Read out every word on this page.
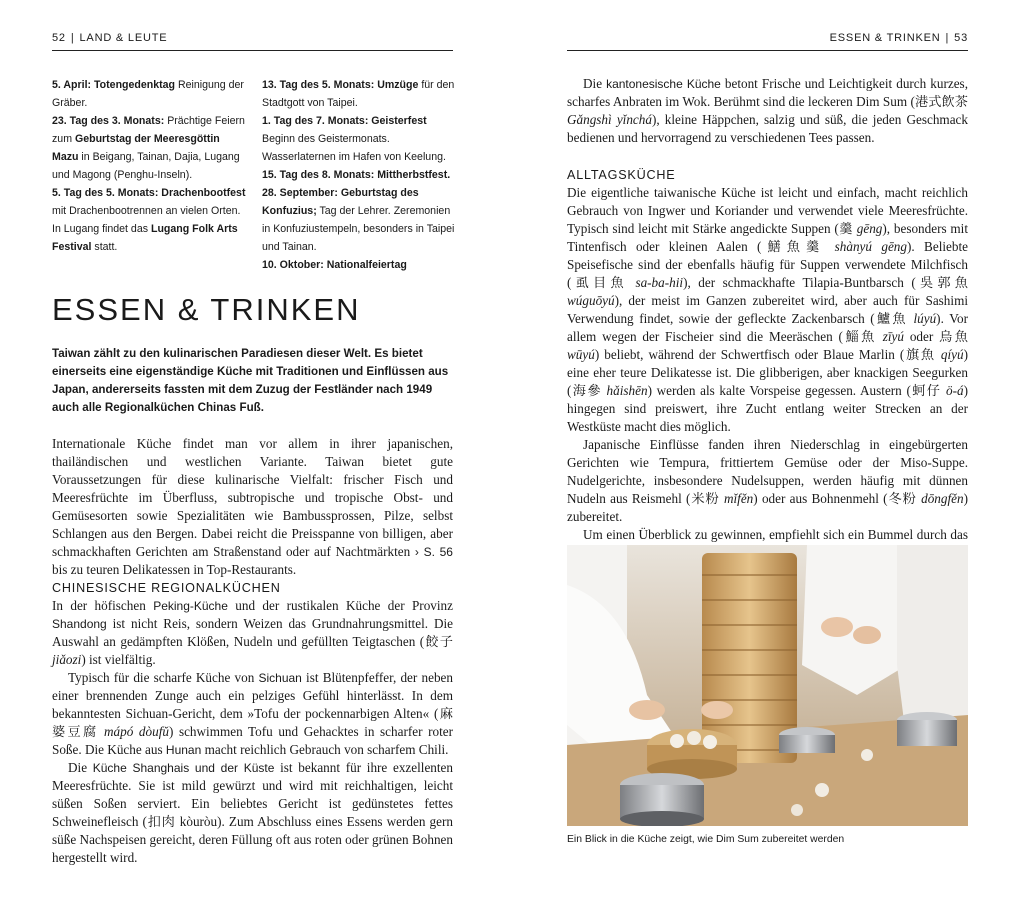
52 | LAND & LEUTE

5. April: Totengedenktag Reinigung der Gräber.

23. Tag des 3. Monats: Prächtige Feiern zum Geburtstag der Meeresgöttin Mazu in Beigang, Tainan, Dajia, Lugang und Magong (Penghu-Inseln).

5. Tag des 5. Monats: Drachenbootfest mit Drachenbootrennen an vielen Orten. In Lugang findet das Lugang Folk Arts Festival statt.

13. Tag des 5. Monats: Umzüge für den Stadtgott von Taipei.

1. Tag des 7. Monats: Geisterfest Beginn des Geistermonats. Wasserlaternen im Hafen von Keelung.

15. Tag des 8. Monats: Mittherbstfest.

28. September: Geburtstag des Konfuzius; Tag der Lehrer. Zeremonien in Konfuziustempeln, besonders in Taipei und Tainan.

10. Oktober: Nationalfeiertag

ESSEN & TRINKEN

Taiwan zählt zu den kulinarischen Paradiesen dieser Welt. Es bietet einerseits eine eigenständige Küche mit Traditionen und Einflüssen aus Japan, andererseits fassten mit dem Zuzug der Festländer nach 1949 auch alle Regionalküchen Chinas Fuß.

Internationale Küche findet man vor allem in ihrer japanischen, thailändischen und westlichen Variante. Taiwan bietet gute Voraussetzungen für diese kulinarische Vielfalt: frischer Fisch und Meeresfrüchte im Überfluss, subtropische und tropische Obst- und Gemüsesorten sowie Spezialitäten wie Bambussprossen, Pilze, selbst Schlangen aus den Bergen. Dabei reicht die Preisspanne von billigen, aber schmackhaften Gerichten am Straßenstand oder auf Nachtmärkten › S. 56 bis zu teuren Delikatessen in Top-Restaurants.

CHINESISCHE REGIONALKÜCHEN

In der höfischen Peking-Küche und der rustikalen Küche der Provinz Shandong ist nicht Reis, sondern Weizen das Grundnahrungsmittel. Die Auswahl an gedämpften Klößen, Nudeln und gefüllten Teigtaschen (餃子 jiǎozi) ist vielfältig.

Typisch für die scharfe Küche von Sichuan ist Blütenpfeffer, der neben einer brennenden Zunge auch ein pelziges Gefühl hinterlässt. In dem bekanntesten Sichuan-Gericht, dem »Tofu der pockennarbigen Alten« (麻婆豆腐 mápó dòufǔ) schwimmen Tofu und Gehacktes in scharfer roter Soße. Die Küche aus Hunan macht reichlich Gebrauch von scharfem Chili.

Die Küche Shanghais und der Küste ist bekannt für ihre exzellenten Meeresfrüchte. Sie ist mild gewürzt und wird mit reichhaltigen, leicht süßen Soßen serviert. Ein beliebtes Gericht ist gedünstetes fettes Schweinefleisch (扣肉 kòuròu). Zum Abschluss eines Essens werden gern süße Nachspeisen gereicht, deren Füllung oft aus roten oder grünen Bohnen hergestellt wird.

ESSEN & TRINKEN | 53

Die kantonesische Küche betont Frische und Leichtigkeit durch kurzes, scharfes Anbraten im Wok. Berühmt sind die leckeren Dim Sum (港式飲茶 Gǎngshì yǐnchá), kleine Häppchen, salzig und süß, die jeden Geschmack bedienen und hervorragend zu verschiedenen Tees passen.

ALLTAGSKÜCHE

Die eigentliche taiwanische Küche ist leicht und einfach, macht reichlich Gebrauch von Ingwer und Koriander und verwendet viele Meeresfrüchte. Typisch sind leicht mit Stärke angedickte Suppen (羹 gēng), besonders mit Tintenfisch oder kleinen Aalen (鱔魚羹 shànyú gēng). Beliebte Speisefische sind der ebenfalls häufig für Suppen verwendete Milchfisch (虱目魚 sa-ba-hii), der schmackhafte Tilapia-Buntbarsch (吳郭魚 wúguōyú), der meist im Ganzen zubereitet wird, aber auch für Sashimi Verwendung findet, sowie der gefleckte Zackenbarsch (鱸魚 lúyú). Vor allem wegen der Fischeier sind die Meeräschen (鯔魚 zīyú oder 烏魚 wūyú) beliebt, während der Schwertfisch oder Blaue Marlin (旗魚 qíyú) eine eher teure Delikatesse ist. Die glibberigen, aber knackigen Seegurken (海參 hǎishēn) werden als kalte Vorspeise gegessen. Austern (蚵仔 ö-á) hingegen sind preiswert, ihre Zucht entlang weiter Strecken an der Westküste macht dies möglich.

Japanische Einflüsse fanden ihren Niederschlag in eingebürgerten Gerichten wie Tempura, frittiertem Gemüse oder der Miso-Suppe. Nudelgerichte, insbesondere Nudelsuppen, werden häufig mit dünnen Nudeln aus Reismehl (米粉 mǐfěn) oder aus Bohnenmehl (冬粉 dōngfěn) zubereitet.

Um einen Überblick zu gewinnen, empfiehlt sich ein Bummel durch das

Ein Blick in die Küche zeigt, wie Dim Sum zubereitet werden
